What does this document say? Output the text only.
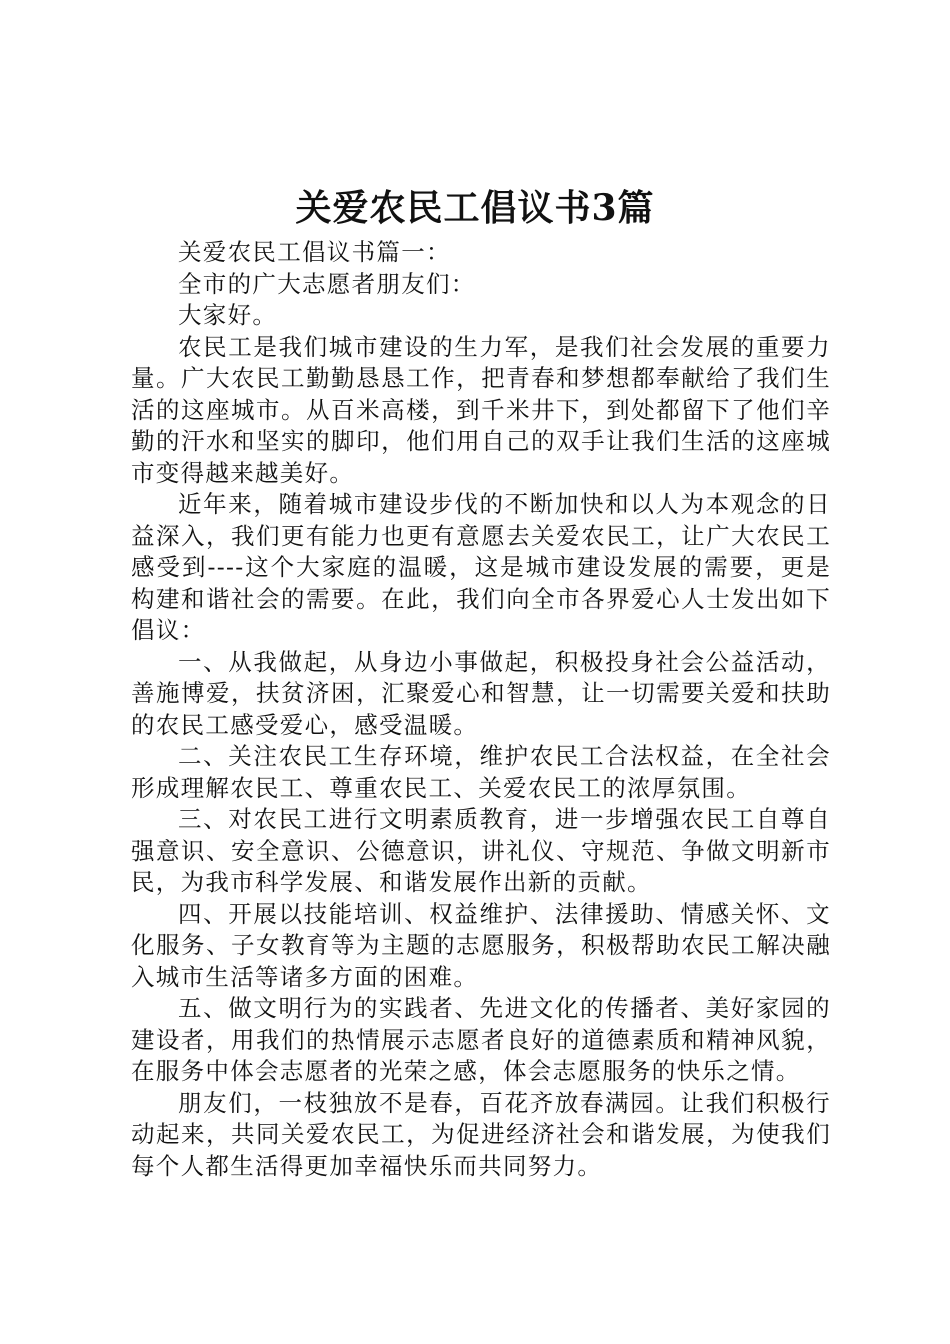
关爱农民工倡议书3篇

关爱农民工倡议书篇一：

全市的广大志愿者朋友们：

大家好。

农民工是我们城市建设的生力军，是我们社会发展的重要力量。广大农民工勤勤恳恳工作，把青春和梦想都奉献给了我们生活的这座城市。从百米高楼，到千米井下，到处都留下了他们辛勤的汗水和坚实的脚印，他们用自己的双手让我们生活的这座城市变得越来越美好。

近年来，随着城市建设步伐的不断加快和以人为本观念的日益深入，我们更有能力也更有意愿去关爱农民工，让广大农民工感受到----这个大家庭的温暖，这是城市建设发展的需要，更是构建和谐社会的需要。在此，我们向全市各界爱心人士发出如下倡议：

一、从我做起，从身边小事做起，积极投身社会公益活动，善施博爱，扶贫济困，汇聚爱心和智慧，让一切需要关爱和扶助的农民工感受爱心，感受温暖。

二、关注农民工生存环境，维护农民工合法权益，在全社会形成理解农民工、尊重农民工、关爱农民工的浓厚氛围。

三、对农民工进行文明素质教育，进一步增强农民工自尊自强意识、安全意识、公德意识，讲礼仪、守规范、争做文明新市民，为我市科学发展、和谐发展作出新的贡献。

四、开展以技能培训、权益维护、法律援助、情感关怀、文化服务、子女教育等为主题的志愿服务，积极帮助农民工解决融入城市生活等诸多方面的困难。

五、做文明行为的实践者、先进文化的传播者、美好家园的建设者，用我们的热情展示志愿者良好的道德素质和精神风貌，在服务中体会志愿者的光荣之感，体会志愿服务的快乐之情。

朋友们，一枝独放不是春，百花齐放春满园。让我们积极行动起来，共同关爱农民工，为促进经济社会和谐发展，为使我们每个人都生活得更加幸福快乐而共同努力。
